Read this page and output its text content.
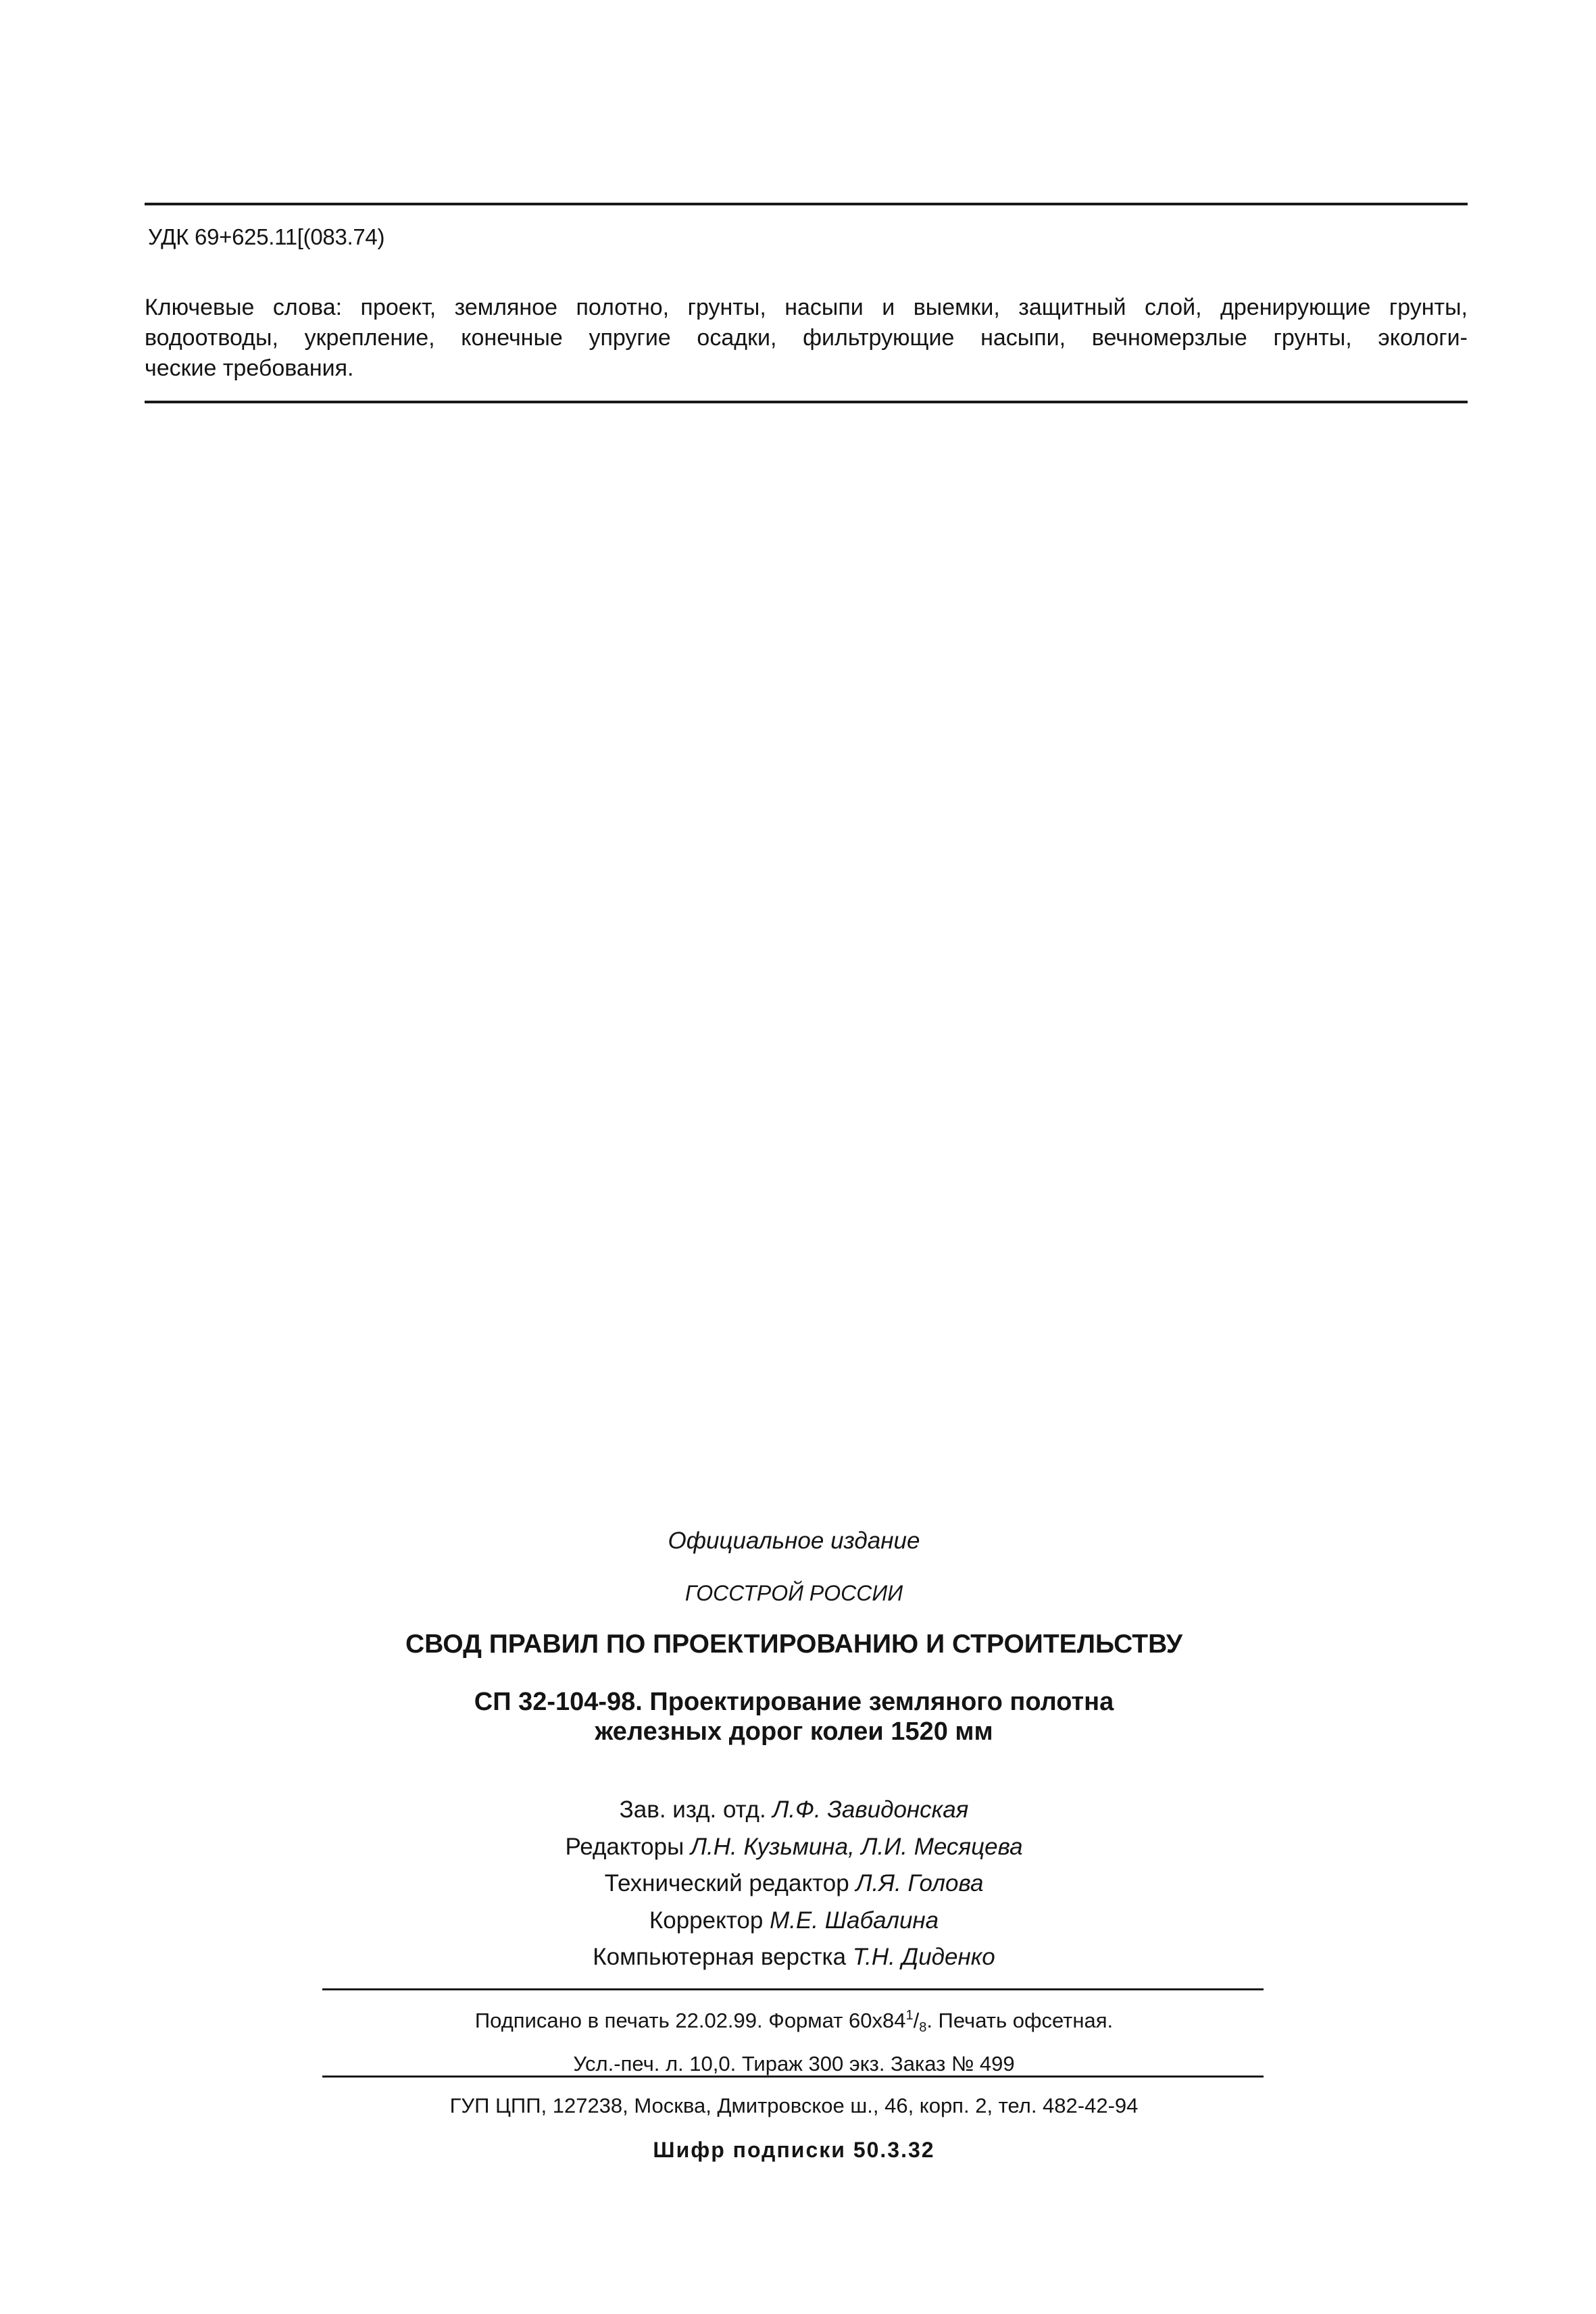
УДК 69+625.11[(083.74)
Ключевые слова: проект, земляное полотно, грунты, насыпи и выемки, защитный слой, дренирующие грунты,
водоотводы, укрепление, конечные упругие осадки, фильтрующие насыпи, вечномерзлые грунты, экологи-
ческие требования.
Официальное издание
ГОССТРОЙ РОССИИ
СВОД ПРАВИЛ ПО ПРОЕКТИРОВАНИЮ И СТРОИТЕЛЬСТВУ
СП 32-104-98. Проектирование земляного полотна
железных дорог колеи 1520 мм
Зав. изд. отд. Л.Ф. Завидонская
Редакторы Л.Н. Кузьмина, Л.И. Месяцева
Технический редактор Л.Я. Голова
Корректор М.Е. Шабалина
Компьютерная верстка Т.Н. Диденко
Подписано в печать 22.02.99. Формат $60x84^1/8$. Печать офсетная.
Усл.-печ. л. 10,0. Тираж 300 экз. Заказ № 499
ГУП ЦПП, 127238, Москва, Дмитровское ш., 46, корп. 2, тел. 482-42-94
Шифр подписки 50.3.32
